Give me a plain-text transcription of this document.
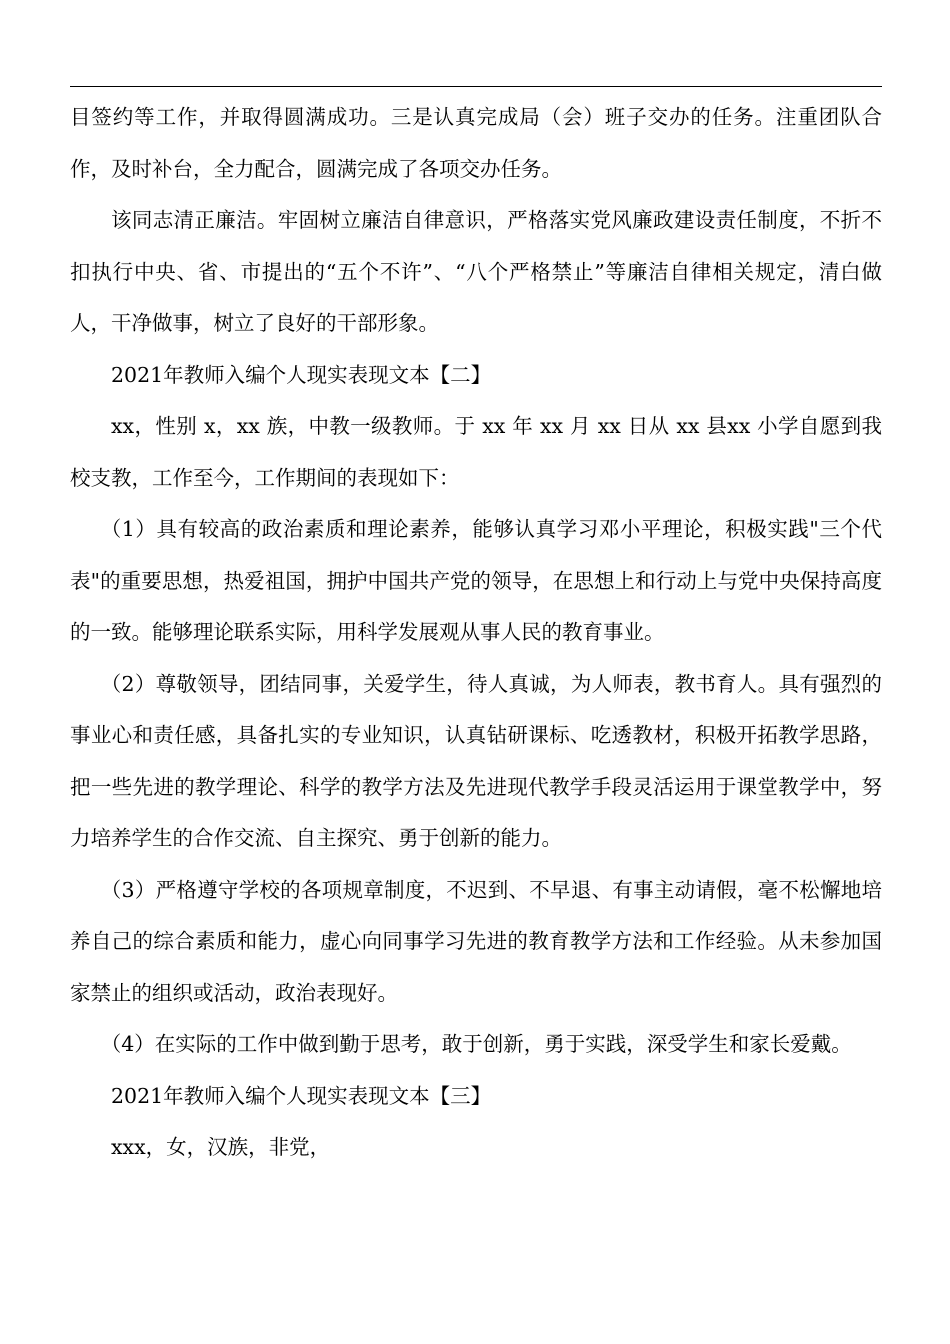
目签约等工作，并取得圆满成功。三是认真完成局（会）班子交办的任务。注重团队合作，及时补台，全力配合，圆满完成了各项交办任务。

该同志清正廉洁。牢固树立廉洁自律意识，严格落实党风廉政建设责任制度，不折不扣执行中央、省、市提出的“五个不许”、“八个严格禁止”等廉洁自律相关规定，清白做人，干净做事，树立了良好的干部形象。

2021年教师入编个人现实表现文本【二】

xx，性别 x，xx 族，中教一级教师。于 xx 年 xx 月 xx 日从 xx 县xx 小学自愿到我校支教，工作至今，工作期间的表现如下：

（1）具有较高的政治素质和理论素养，能够认真学习邓小平理论，积极实践"三个代表"的重要思想，热爱祖国，拥护中国共产党的领导，在思想上和行动上与党中央保持高度的一致。能够理论联系实际，用科学发展观从事人民的教育事业。

（2）尊敬领导，团结同事，关爱学生，待人真诚，为人师表，教书育人。具有强烈的事业心和责任感，具备扎实的专业知识，认真钻研课标、吃透教材，积极开拓教学思路，把一些先进的教学理论、科学的教学方法及先进现代教学手段灵活运用于课堂教学中，努力培养学生的合作交流、自主探究、勇于创新的能力。

（3）严格遵守学校的各项规章制度，不迟到、不早退、有事主动请假，毫不松懈地培养自己的综合素质和能力，虚心向同事学习先进的教育教学方法和工作经验。从未参加国家禁止的组织或活动，政治表现好。

（4）在实际的工作中做到勤于思考，敢于创新，勇于实践，深受学生和家长爱戴。

2021年教师入编个人现实表现文本【三】

xxx，女，汉族，非党，
